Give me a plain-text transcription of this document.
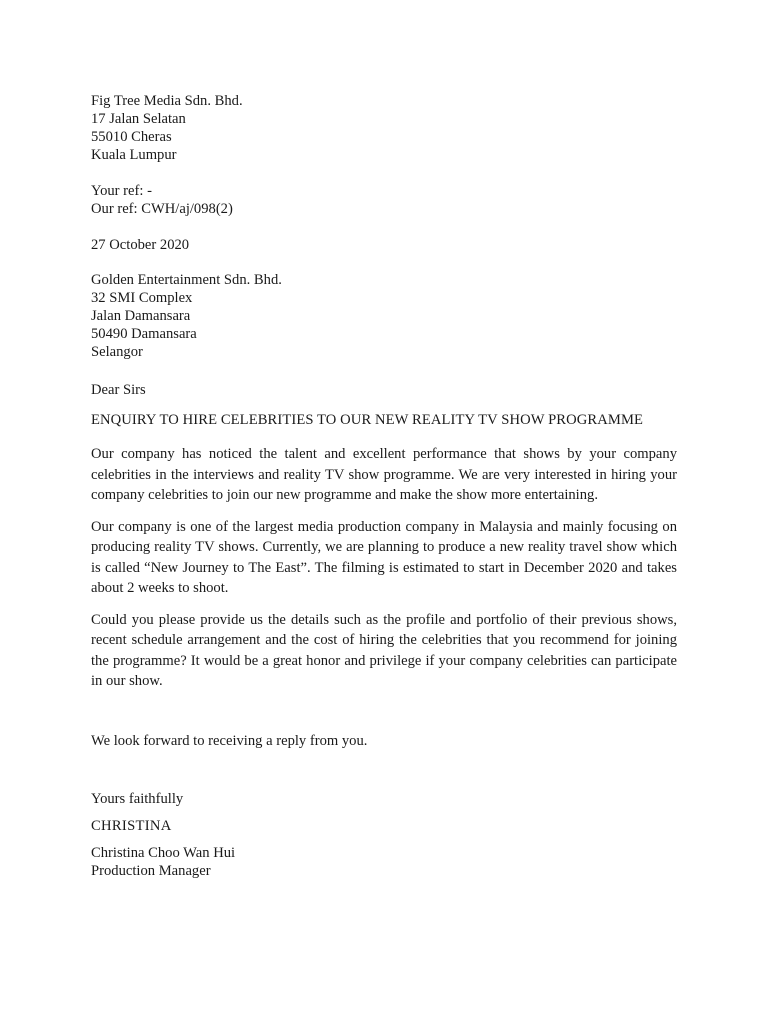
Fig Tree Media Sdn. Bhd.
17 Jalan Selatan
55010 Cheras
Kuala Lumpur
Your ref: -
Our ref: CWH/aj/098(2)
27 October 2020
Golden Entertainment Sdn. Bhd.
32 SMI Complex
Jalan Damansara
50490 Damansara
Selangor
Dear Sirs
ENQUIRY TO HIRE CELEBRITIES TO OUR NEW REALITY TV SHOW PROGRAMME

Our company has noticed the talent and excellent performance that shows by your company celebrities in the interviews and reality TV show programme. We are very interested in hiring your company celebrities to join our new programme and make the show more entertaining.

Our company is one of the largest media production company in Malaysia and mainly focusing on producing reality TV shows. Currently, we are planning to produce a new reality travel show which is called “New Journey to The East”. The filming is estimated to start in December 2020 and takes about 2 weeks to shoot.

Could you please provide us the details such as the profile and portfolio of their previous shows, recent schedule arrangement and the cost of hiring the celebrities that you recommend for joining the programme? It would be a great honor and privilege if your company celebrities can participate in our show.

We look forward to receiving a reply from you.
Yours faithfully
CHRISTINA
Christina Choo Wan Hui
Production Manager
